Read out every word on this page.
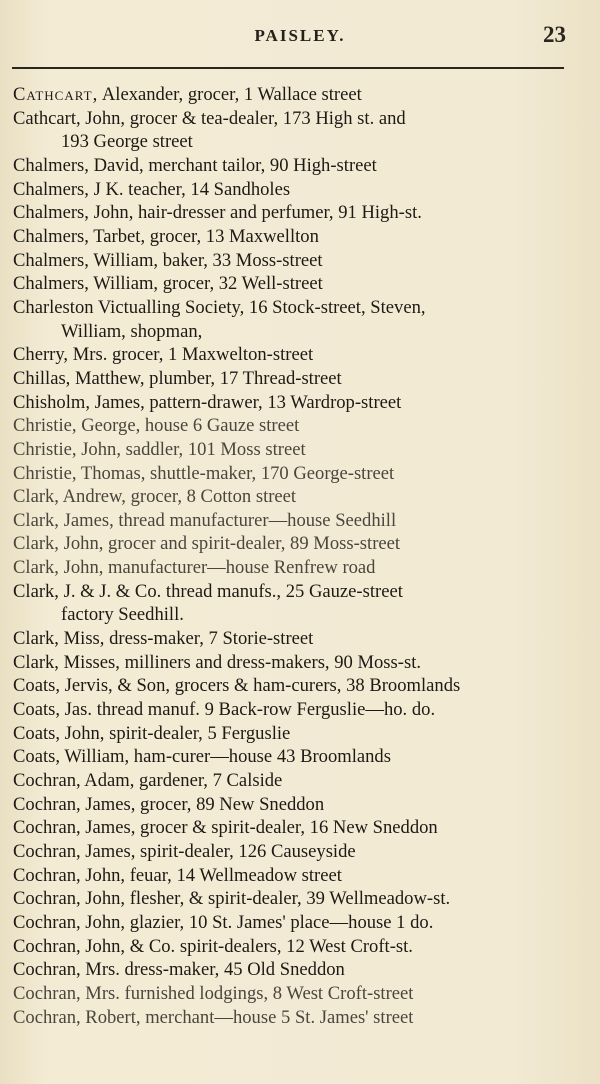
PAISLEY.	23
Cathcart, Alexander, grocer, 1 Wallace street
Cathcart, John, grocer & tea-dealer, 173 High st. and
193 George street
Chalmers, David, merchant tailor, 90 High-street
Chalmers, J K. teacher, 14 Sandholes
Chalmers, John, hair-dresser and perfumer, 91 High-st.
Chalmers, Tarbet, grocer, 13 Maxwellton
Chalmers, William, baker, 33 Moss-street
Chalmers, William, grocer, 32 Well-street
Charleston Victualling Society, 16 Stock-street, Steven,
William, shopman,
Cherry, Mrs. grocer, 1 Maxwelton-street
Chillas, Matthew, plumber, 17 Thread-street
Chisholm, James, pattern-drawer, 13 Wardrop-street
Christie, George, house 6 Gauze street
Christie, John, saddler, 101 Moss street
Christie, Thomas, shuttle-maker, 170 George-street
Clark, Andrew, grocer, 8 Cotton street
Clark, James, thread manufacturer—house Seedhill
Clark, John, grocer and spirit-dealer, 89 Moss-street
Clark, John, manufacturer—house Renfrew road
Clark, J. & J. & Co. thread manufs., 25 Gauze-street
factory Seedhill.
Clark, Miss, dress-maker, 7 Storie-street
Clark, Misses, milliners and dress-makers, 90 Moss-st.
Coats, Jervis, & Son, grocers & ham-curers, 38 Broomlands
Coats, Jas. thread manuf. 9 Back-row Ferguslie—ho. do.
Coats, John, spirit-dealer, 5 Ferguslie
Coats, William, ham-curer—house 43 Broomlands
Cochran, Adam, gardener, 7 Calside
Cochran, James, grocer, 89 New Sneddon
Cochran, James, grocer & spirit-dealer, 16 New Sneddon
Cochran, James, spirit-dealer, 126 Causeyside
Cochran, John, feuar, 14 Wellmeadow street
Cochran, John, flesher, & spirit-dealer, 39 Wellmeadow-st.
Cochran, John, glazier, 10 St. James' place—house 1 do.
Cochran, John, & Co. spirit-dealers, 12 West Croft-st.
Cochran, Mrs. dress-maker, 45 Old Sneddon
Cochran, Mrs. furnished lodgings, 8 West Croft-street
Cochran, Robert, merchant—house 5 St. James' street
